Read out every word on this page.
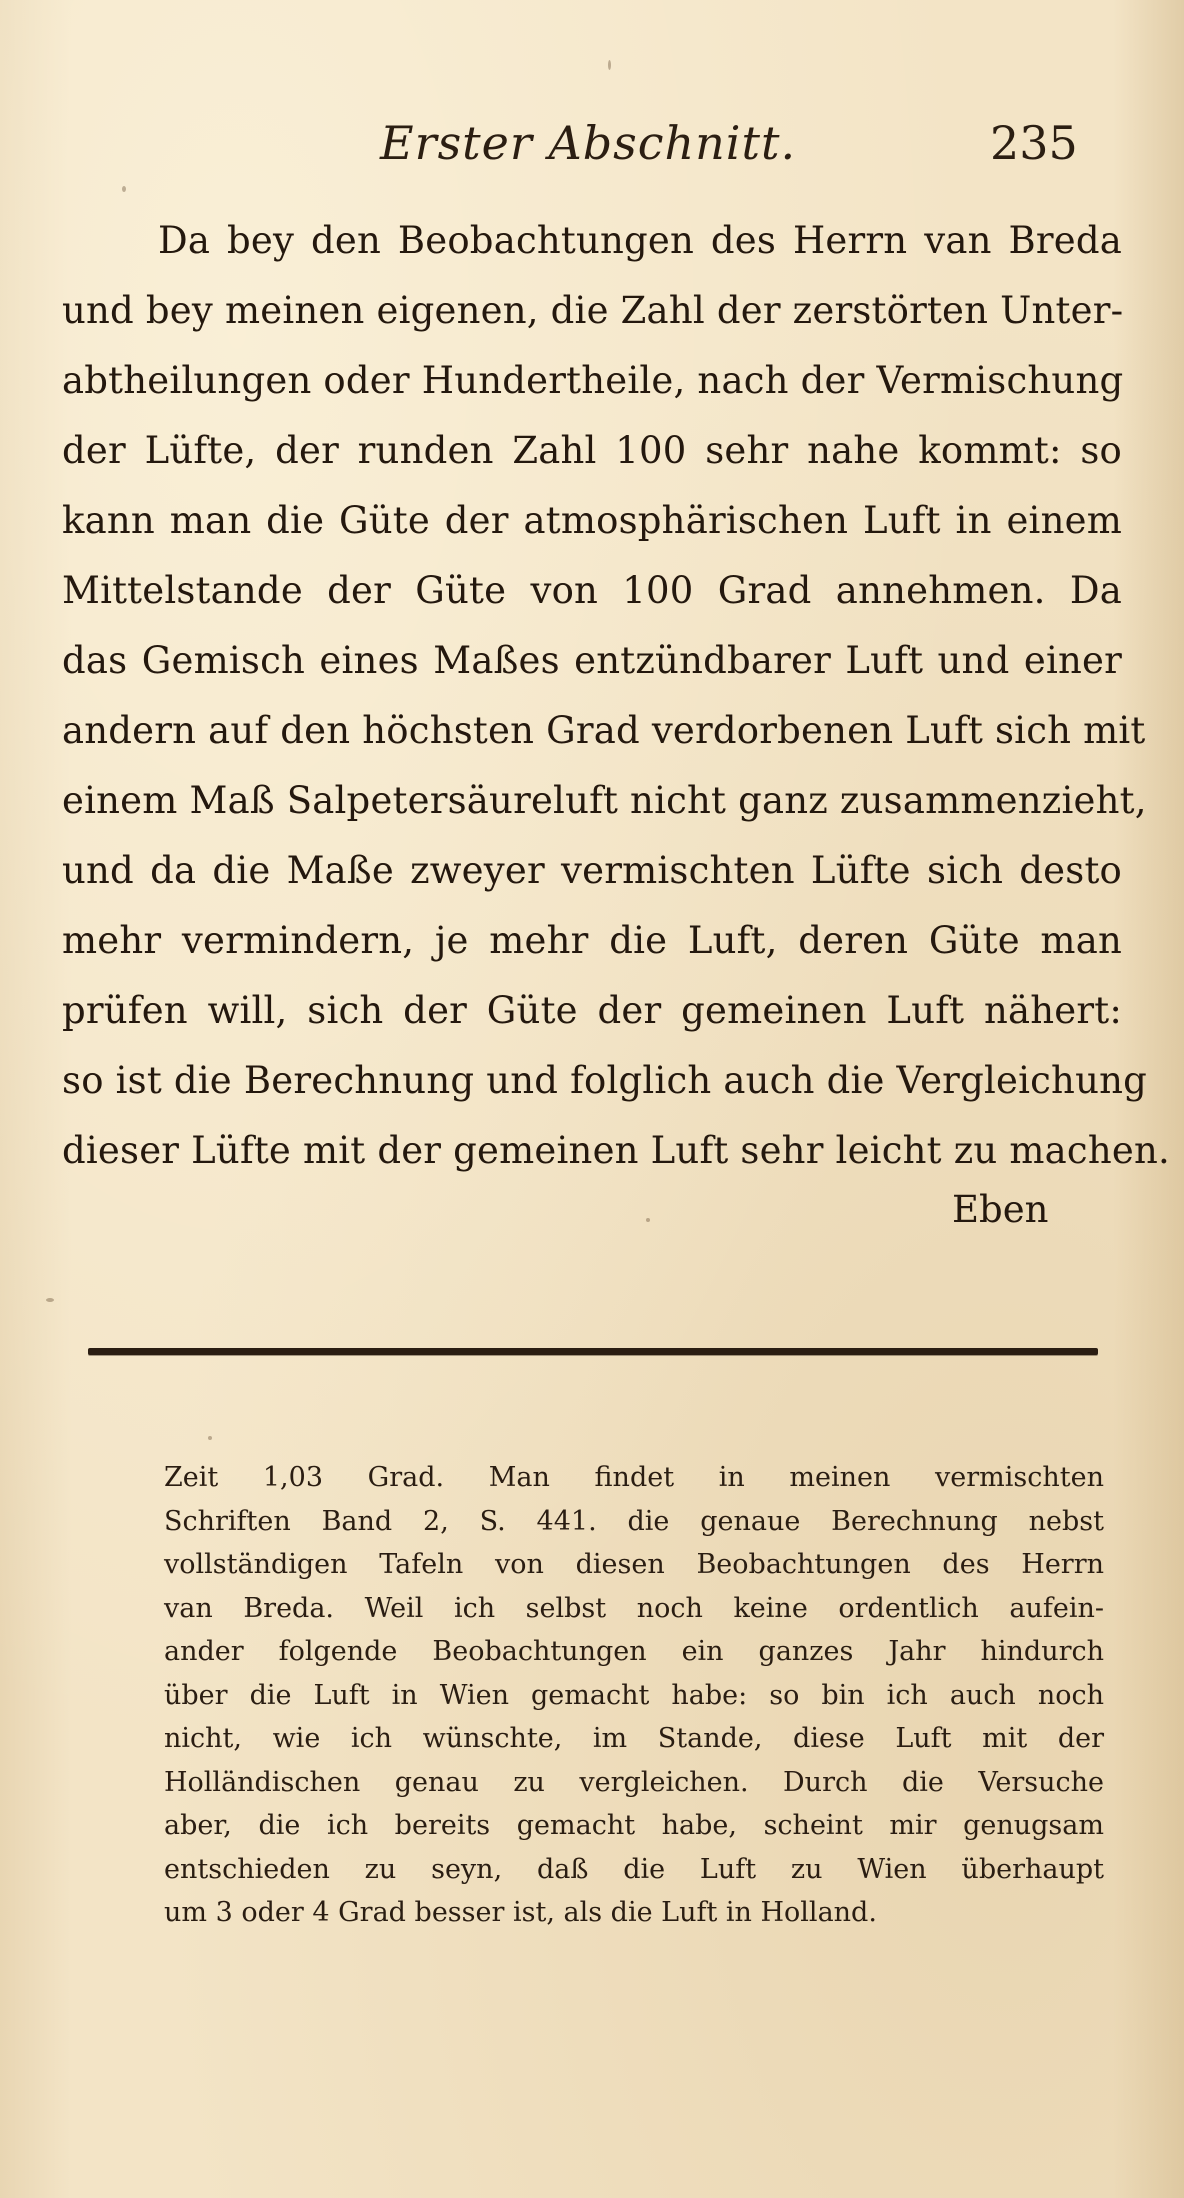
Erster Abschnitt.	235
Da bey den Beobachtungen des Herrn van Breda
und bey meinen eigenen, die Zahl der zerstörten Unter-
abtheilungen oder Hundertheile, nach der Vermischung
der Lüfte, der runden Zahl 100 sehr nahe kommt: so
kann man die Güte der atmosphärischen Luft in einem
Mittelstande der Güte von 100 Grad annehmen. Da
das Gemisch eines Maßes entzündbarer Luft und einer
andern auf den höchsten Grad verdorbenen Luft sich mit
einem Maß Salpetersäureluft nicht ganz zusammenzieht,
und da die Maße zweyer vermischten Lüfte sich desto
mehr vermindern, je mehr die Luft, deren Güte man
prüfen will, sich der Güte der gemeinen Luft nähert:
so ist die Berechnung und folglich auch die Vergleichung
dieser Lüfte mit der gemeinen Luft sehr leicht zu machen.
Eben
Zeit 1,03 Grad. Man findet in meinen vermischten
Schriften Band 2, S. 441. die genaue Berechnung nebst
vollständigen Tafeln von diesen Beobachtungen des Herrn
van Breda. Weil ich selbst noch keine ordentlich aufein-
ander folgende Beobachtungen ein ganzes Jahr hindurch
über die Luft in Wien gemacht habe: so bin ich auch noch
nicht, wie ich wünschte, im Stande, diese Luft mit der
Holländischen genau zu vergleichen. Durch die Versuche
aber, die ich bereits gemacht habe, scheint mir genugsam
entschieden zu seyn, daß die Luft zu Wien überhaupt
um 3 oder 4 Grad besser ist, als die Luft in Holland.
